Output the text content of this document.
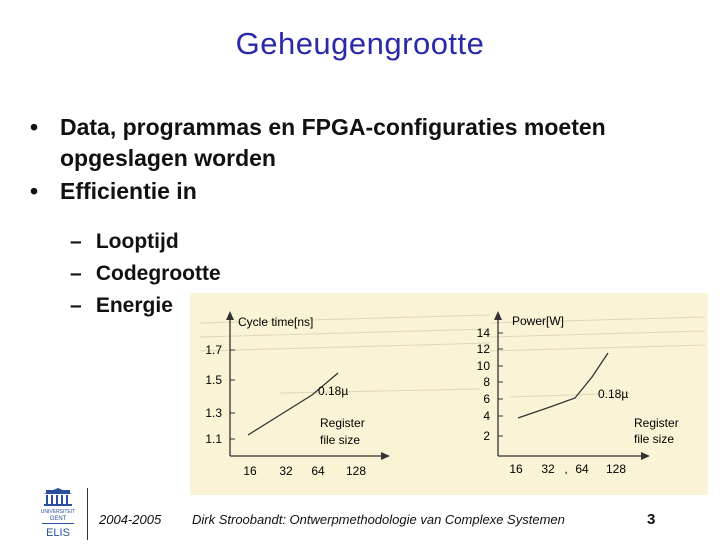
Geheugengrootte
• Data, programmas en FPGA-configuraties moeten opgeslagen worden
• Efficientie in
– Looptijd
– Codegrootte
– Energie
Cycle time[ns]
1.7
1.5
1.3
1.1
0.18µ
Register
file size
16 32 64 128
Power[W]
14
12
10
8
6
4
2
0.18µ
Register
file size
16 32 , 64 128
UNIVERSITEIT
GENT
ELIS
2004-2005 Dirk Stroobandt: Ontwerpmethodologie van Complexe Systemen	3
